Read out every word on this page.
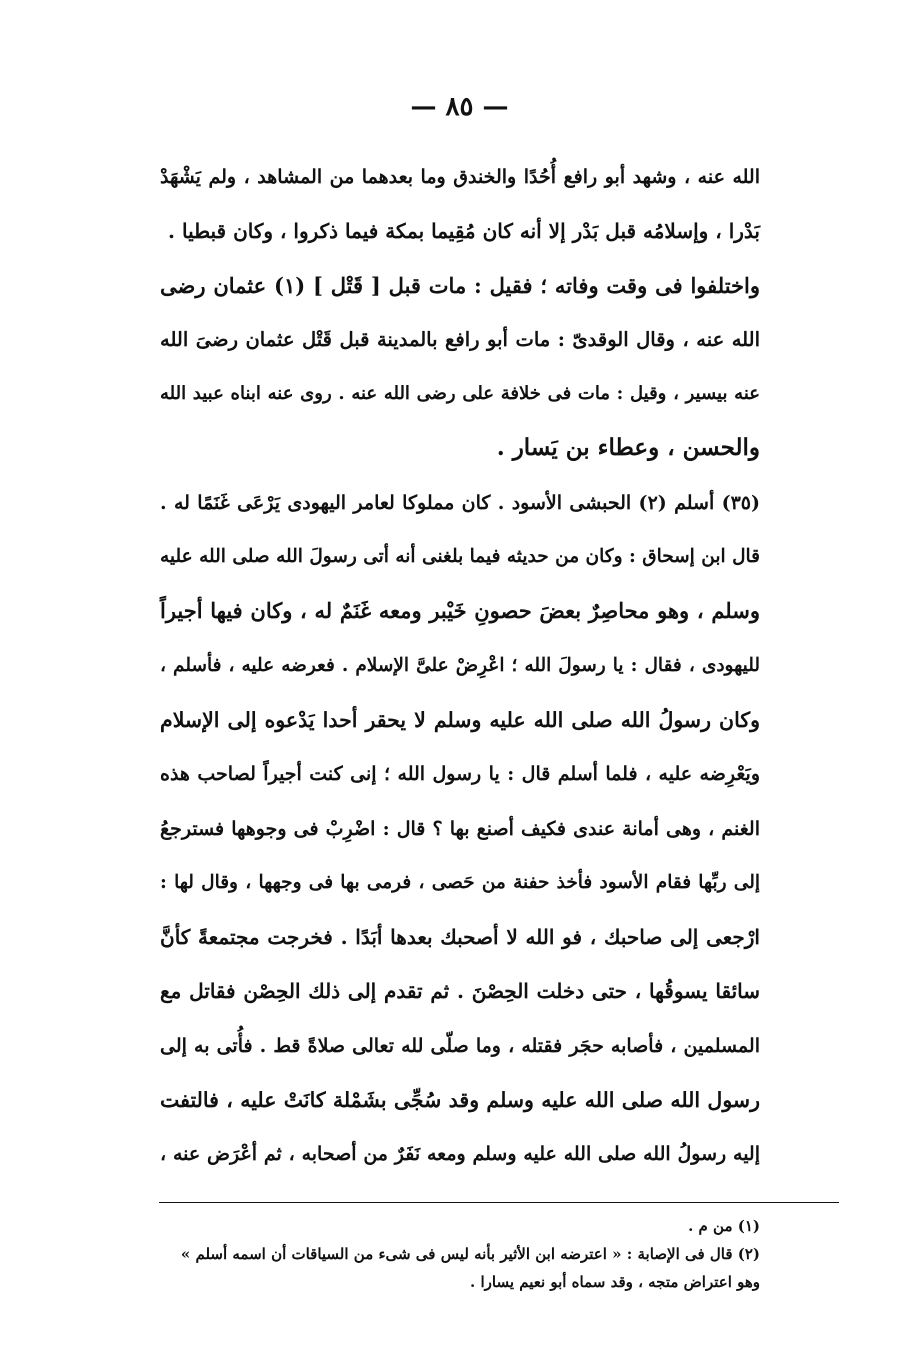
— ٨٥ —
الله عنه ، وشهد أبو رافع أُحُدًا والخندق وما بعدهما من المشاهد ، ولم يَشْهَدْ
بَدْرا ، وإسلامُه قبل بَدْر إلا أنه كان مُقِيما بمكة فيما ذكروا ، وكان قبطيا .
واختلفوا فى وقت وفاته ؛ فقيل : مات قبل [ قَتْل ] (١) عثمان رضى
الله عنه ، وقال الوقدىّ : مات أبو رافع بالمدينة قبل قَتْل عثمان رضىَ الله
عنه بيسير ، وقيل : مات فى خلافة على رضى الله عنه . روى عنه ابناه عبيد الله
والحسن ، وعطاء بن يَسار .
(٣٥) أسلم (٢) الحبشى الأسود . كان مملوكا لعامر اليهودى يَرْعَى غَنَمًا له .
قال ابن إسحاق : وكان من حديثه فيما بلغنى أنه أتى رسولَ الله صلى الله عليه
وسلم ، وهو محاصِرٌ بعضَ حصونِ خَيْبر ومعه غَنَمٌ له ، وكان فيها أجيراً
لليهودى ، فقال : يا رسولَ الله ؛ اعْرِضْ علىَّ الإسلام . فعرضه عليه ، فأسلم ،
وكان رسولُ الله صلى الله عليه وسلم لا يحقر أحدا يَدْعوه إلى الإسلام
ويَعْرِضه عليه ، فلما أسلم قال : يا رسول الله ؛ إنى كنت أجيراً لصاحب هذه
الغنم ، وهى أمانة عندى فكيف أصنع بها ؟ قال : اضْرِبْ فى وجوهها فسترجعُ
إلى ربِّها فقام الأسود فأخذ حفنة من حَصى ، فرمى بها فى وجهها ، وقال لها :
ارْجعى إلى صاحبك ، فو الله لا أصحبك بعدها أبَدًا . فخرجت مجتمعةً كأنَّ
سائقا يسوقُها ، حتى دخلت الحِصْنَ . ثم تقدم إلى ذلك الحِصْن فقاتل مع
المسلمين ، فأصابه حجَر فقتله ، وما صلّى لله تعالى صلاةً قط . فأُتى به إلى
رسول الله صلى الله عليه وسلم وقد سُجِّى بشَمْلة كانَتْ عليه ، فالتفت
إليه رسولُ الله صلى الله عليه وسلم ومعه نَفَرٌ من أصحابه ، ثم أعْرَض عنه ،
(١) من م .
(٢) قال فى الإصابة : « اعترضه ابن الأثير بأنه ليس فى شىء من السياقات أن اسمه أسلم »
وهو اعتراض متجه ، وقد سماه أبو نعيم يسارا .
